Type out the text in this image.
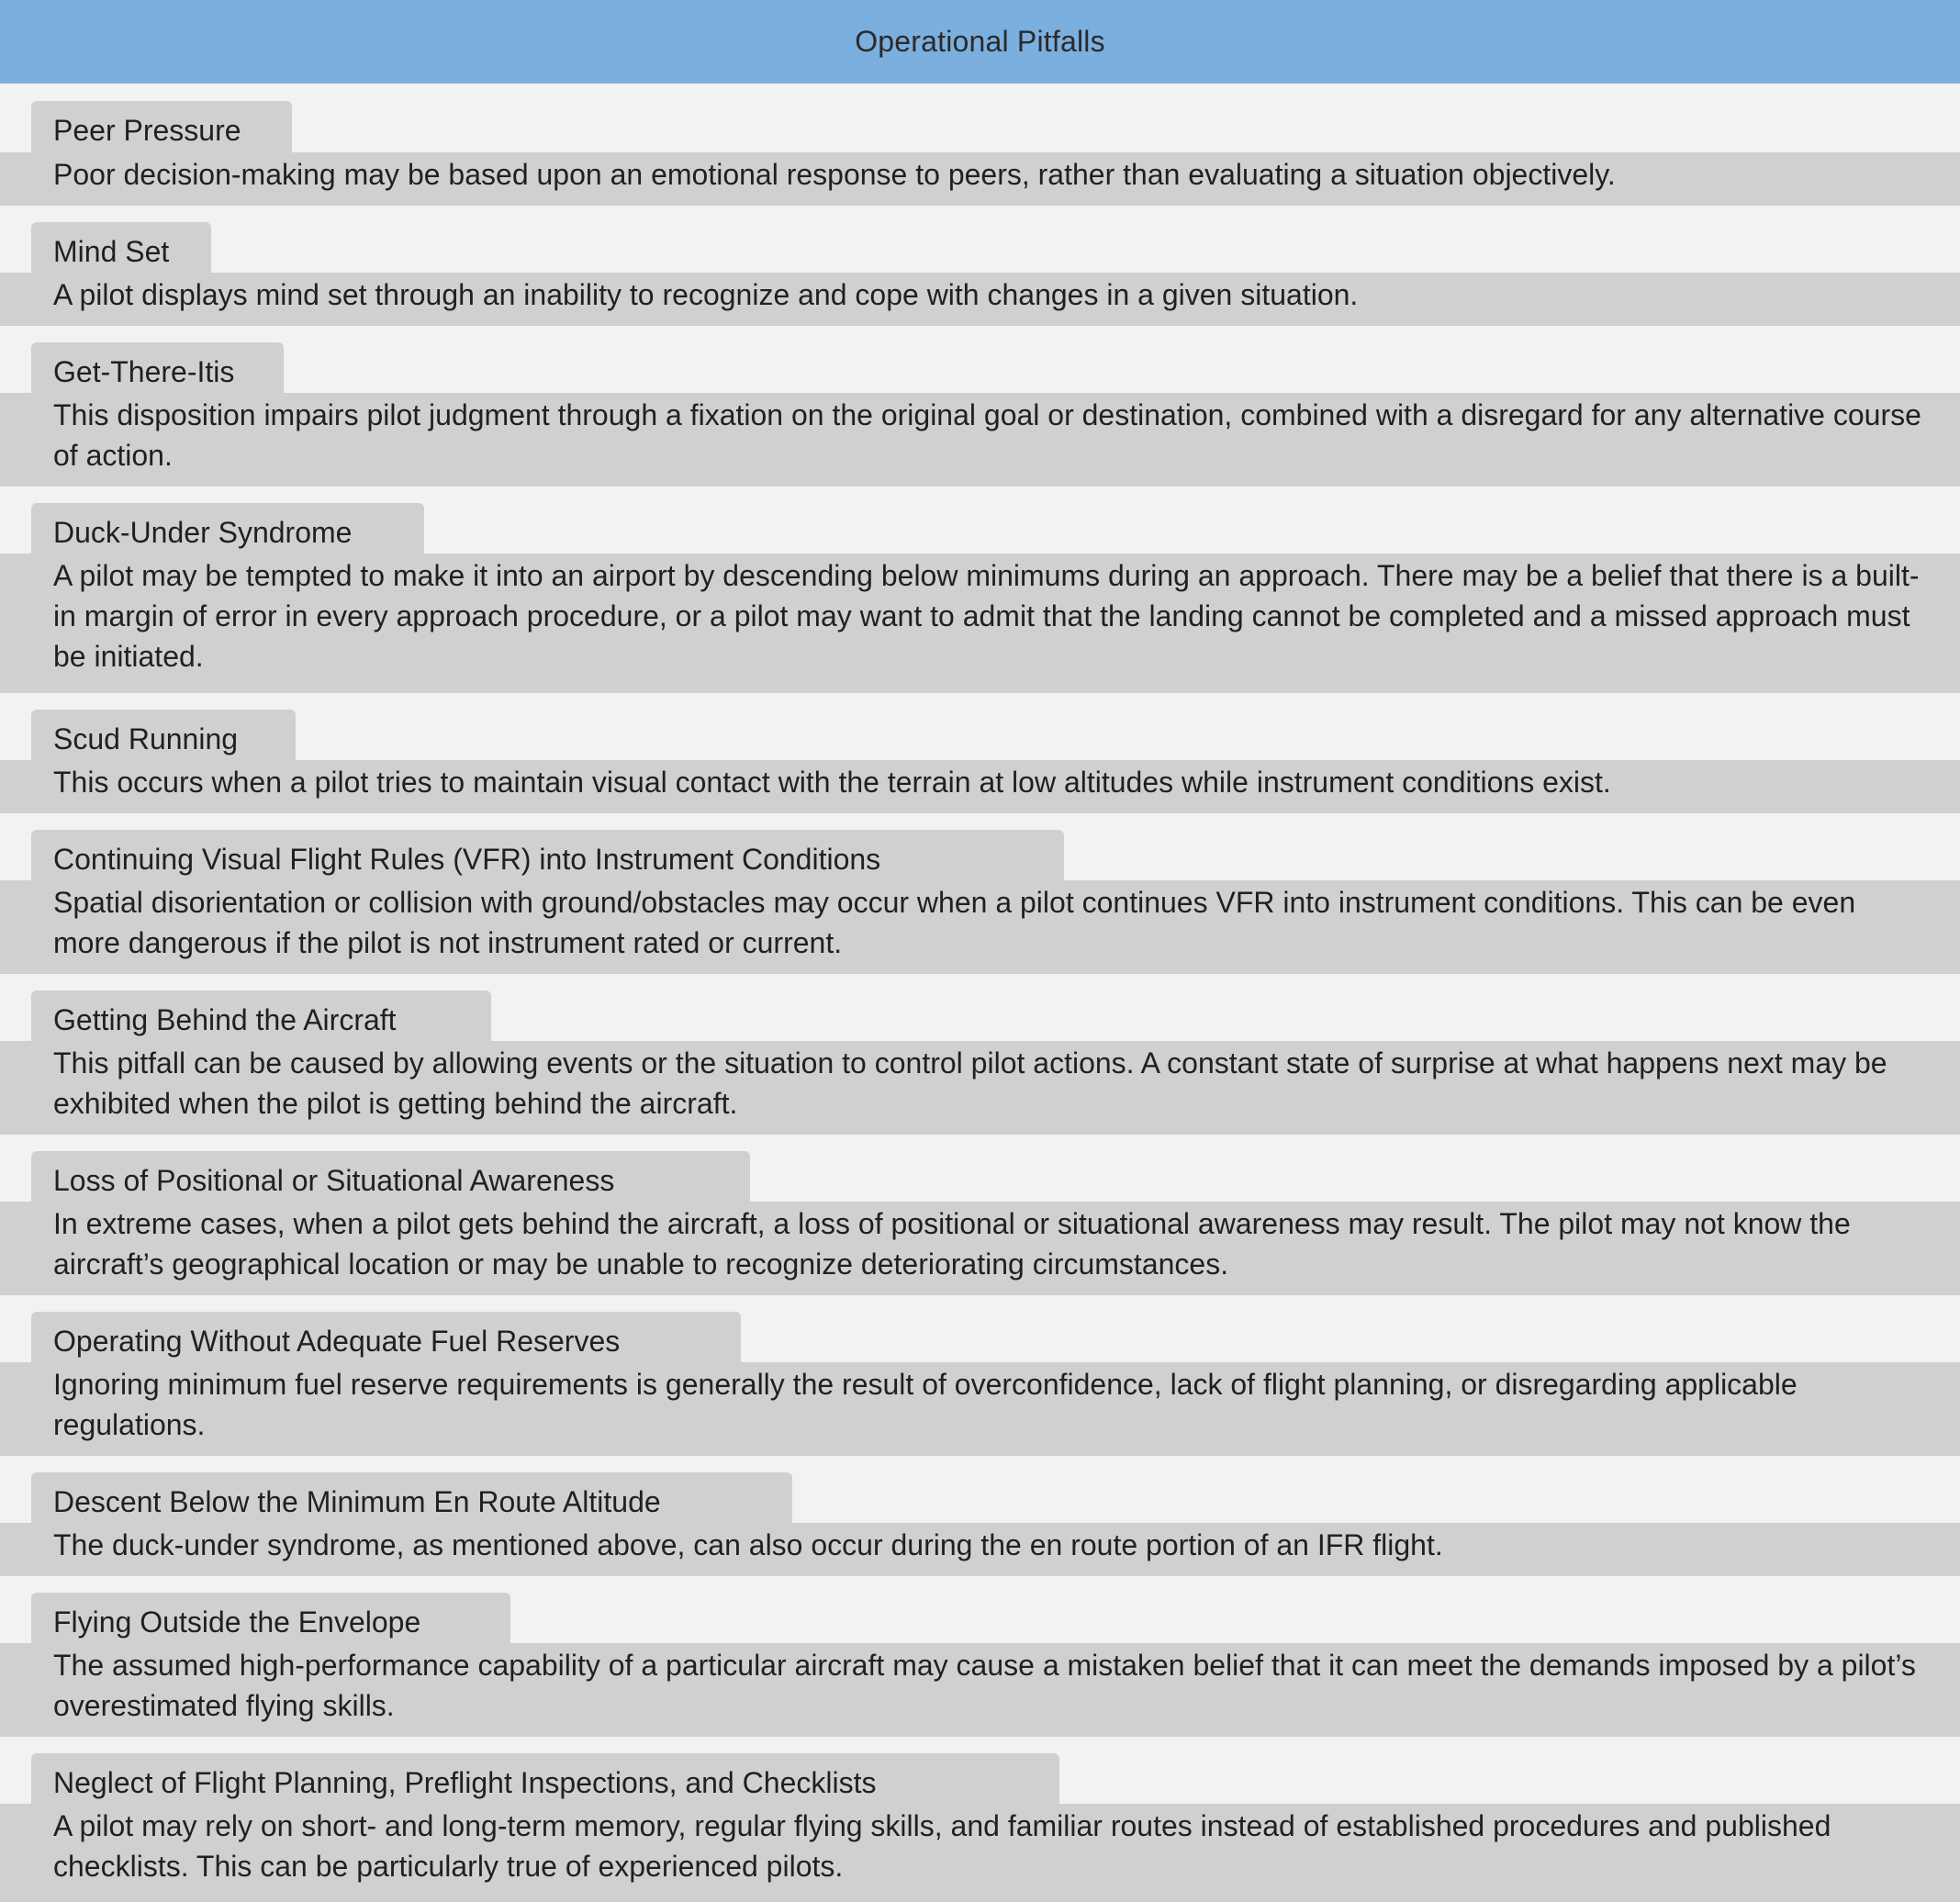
Operational Pitfalls
Peer Pressure
Poor decision-making may be based upon an emotional response to peers, rather than evaluating a situation objectively.
Mind Set
A pilot displays mind set through an inability to recognize and cope with changes in a given situation.
Get-There-Itis
This disposition impairs pilot judgment through a fixation on the original goal or destination, combined with a disregard for any alternative course of action.
Duck-Under Syndrome
A pilot may be tempted to make it into an airport by descending below minimums during an approach. There may be a belief that there is a built-in margin of error in every approach procedure, or a pilot may want to admit that the landing cannot be completed and a missed approach must be initiated.
Scud Running
This occurs when a pilot tries to maintain visual contact with the terrain at low altitudes while instrument conditions exist.
Continuing Visual Flight Rules (VFR) into Instrument Conditions
Spatial disorientation or collision with ground/obstacles may occur when a pilot continues VFR into instrument conditions. This can be even more dangerous if the pilot is not instrument rated or current.
Getting Behind the Aircraft
This pitfall can be caused by allowing events or the situation to control pilot actions. A constant state of surprise at what happens next may be exhibited when the pilot is getting behind the aircraft.
Loss of Positional or Situational Awareness
In extreme cases, when a pilot gets behind the aircraft, a loss of positional or situational awareness may result. The pilot may not know the aircraft’s geographical location or may be unable to recognize deteriorating circumstances.
Operating Without Adequate Fuel Reserves
Ignoring minimum fuel reserve requirements is generally the result of overconfidence, lack of flight planning, or disregarding applicable regulations.
Descent Below the Minimum En Route Altitude
The duck-under syndrome, as mentioned above, can also occur during the en route portion of an IFR flight.
Flying Outside the Envelope
The assumed high-performance capability of a particular aircraft may cause a mistaken belief that it can meet the demands imposed by a pilot’s overestimated flying skills.
Neglect of Flight Planning, Preflight Inspections, and Checklists
A pilot may rely on short- and long-term memory, regular flying skills, and familiar routes instead of established procedures and published checklists. This can be particularly true of experienced pilots.
